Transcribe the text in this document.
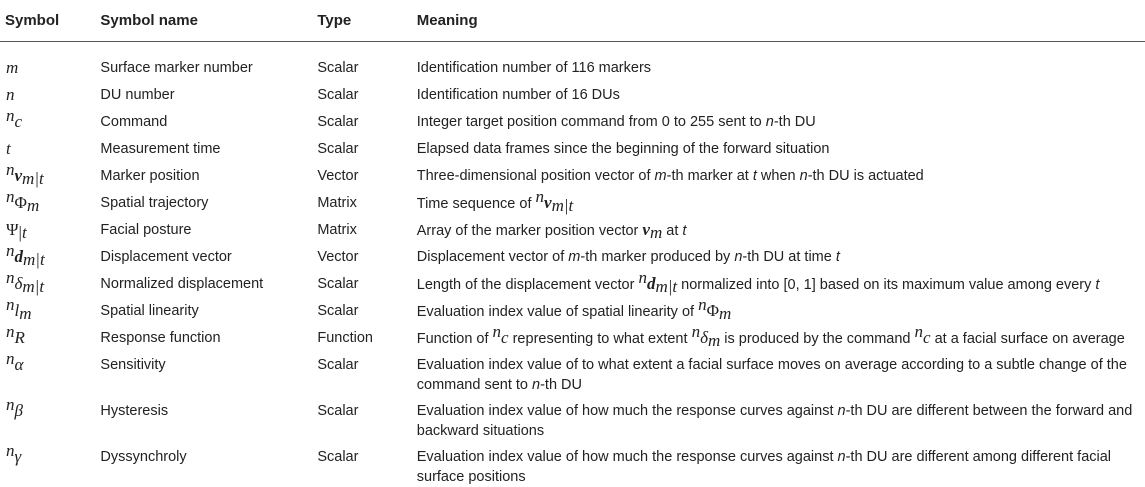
Symbol	Symbol name	Type	Meaning
m	Surface marker number	Scalar	Identification number of 116 markers
n	DU number	Scalar	Identification number of 16 DUs
$^n$c	Command	Scalar	Integer target position command from 0 to 255 sent to n-th DU
t	Measurement time	Scalar	Elapsed data frames since the beginning of the forward situation
$^nv_{m|t}$	Marker position	Vector	Three-dimensional position vector of m-th marker at t when n-th DU is actuated
$^n\Phi_m$	Spatial trajectory	Matrix	Time sequence of $^nv_{m|t}$
$\Psi_{|t}$	Facial posture	Matrix	Array of the marker position vector $v_m$ at t
$^nd_{m|t}$	Displacement vector	Vector	Displacement vector of m-th marker produced by n-th DU at time t
$^n\delta_{m|t}$	Normalized displacement	Scalar	Length of the displacement vector $^nd_{m|t}$ normalized into [0, 1] based on its maximum value among every t
$^nl_m$	Spatial linearity	Scalar	Evaluation index value of spatial linearity of $^n\Phi_m$
$^n$R	Response function	Function	Function of $^n$c representing to what extent $^n\delta_m$ is produced by the command $^n$c at a facial surface on average
$^n$α	Sensitivity	Scalar	Evaluation index value of to what extent a facial surface moves on average according to a subtle change of the command sent to n-th DU
$^n$β	Hysteresis	Scalar	Evaluation index value of how much the response curves against n-th DU are different between the forward and backward situations
$^n$γ	Dyssynchroly	Scalar	Evaluation index value of how much the response curves against n-th DU are different among different facial surface positions
